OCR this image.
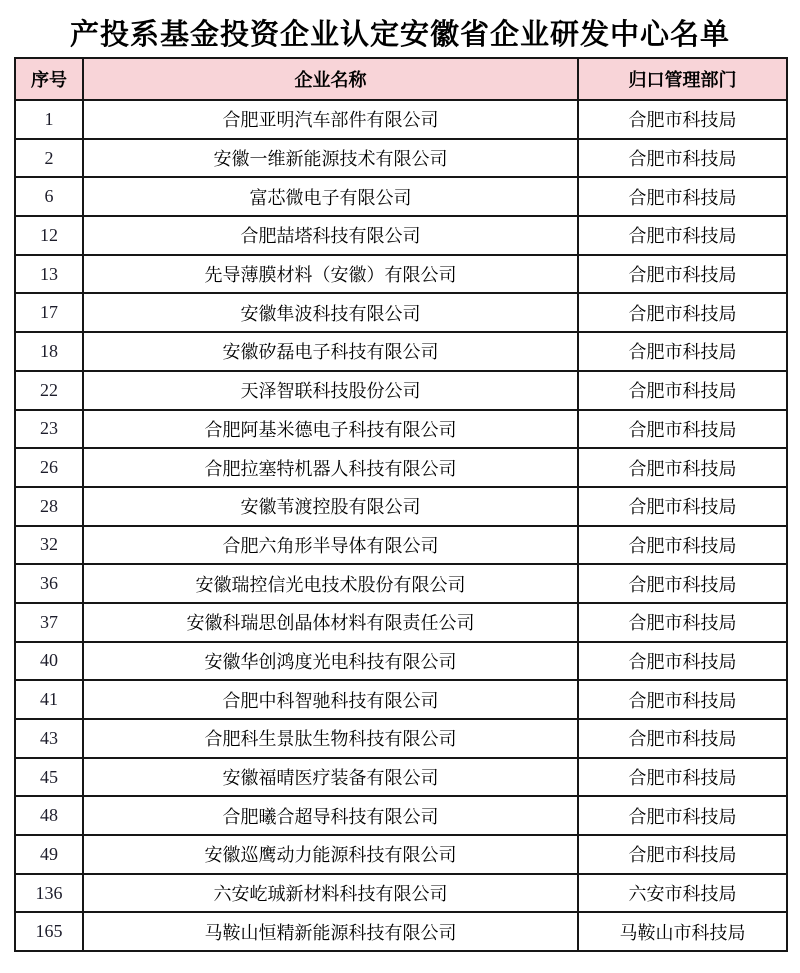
产投系基金投资企业认定安徽省企业研发中心名单
序号	企业名称	归口管理部门
1	合肥亚明汽车部件有限公司	合肥市科技局
2	安徽一维新能源技术有限公司	合肥市科技局
6	富芯微电子有限公司	合肥市科技局
12	合肥喆塔科技有限公司	合肥市科技局
13	先导薄膜材料（安徽）有限公司	合肥市科技局
17	安徽隼波科技有限公司	合肥市科技局
18	安徽矽磊电子科技有限公司	合肥市科技局
22	天泽智联科技股份公司	合肥市科技局
23	合肥阿基米德电子科技有限公司	合肥市科技局
26	合肥拉塞特机器人科技有限公司	合肥市科技局
28	安徽苇渡控股有限公司	合肥市科技局
32	合肥六角形半导体有限公司	合肥市科技局
36	安徽瑞控信光电技术股份有限公司	合肥市科技局
37	安徽科瑞思创晶体材料有限责任公司	合肥市科技局
40	安徽华创鸿度光电科技有限公司	合肥市科技局
41	合肥中科智驰科技有限公司	合肥市科技局
43	合肥科生景肽生物科技有限公司	合肥市科技局
45	安徽福晴医疗装备有限公司	合肥市科技局
48	合肥曦合超导科技有限公司	合肥市科技局
49	安徽巡鹰动力能源科技有限公司	合肥市科技局
136	六安屹珹新材料科技有限公司	六安市科技局
165	马鞍山恒精新能源科技有限公司	马鞍山市科技局
